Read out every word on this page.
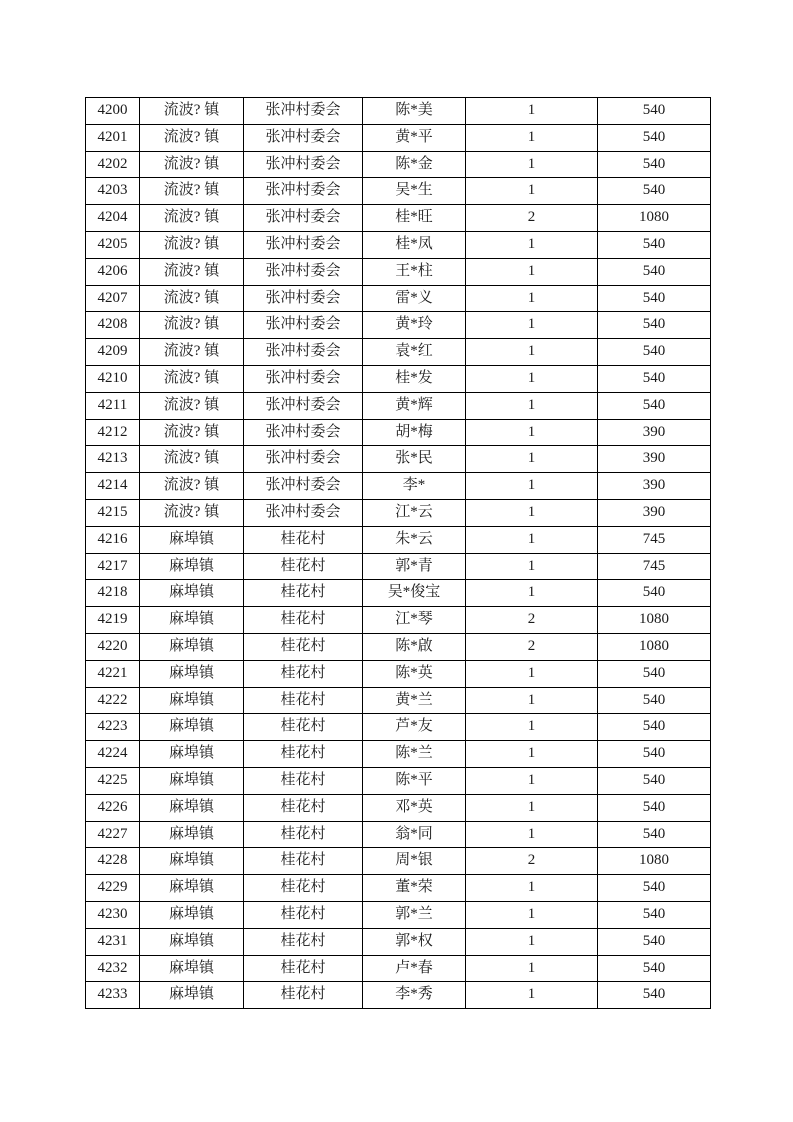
4200	流波? 镇	张冲村委会	陈*美	1	540
4201	流波? 镇	张冲村委会	黄*平	1	540
4202	流波? 镇	张冲村委会	陈*金	1	540
4203	流波? 镇	张冲村委会	吴*生	1	540
4204	流波? 镇	张冲村委会	桂*旺	2	1080
4205	流波? 镇	张冲村委会	桂*凤	1	540
4206	流波? 镇	张冲村委会	王*柱	1	540
4207	流波? 镇	张冲村委会	雷*义	1	540
4208	流波? 镇	张冲村委会	黄*玲	1	540
4209	流波? 镇	张冲村委会	袁*红	1	540
4210	流波? 镇	张冲村委会	桂*发	1	540
4211	流波? 镇	张冲村委会	黄*辉	1	540
4212	流波? 镇	张冲村委会	胡*梅	1	390
4213	流波? 镇	张冲村委会	张*民	1	390
4214	流波? 镇	张冲村委会	李*	1	390
4215	流波? 镇	张冲村委会	江*云	1	390
4216	麻埠镇	桂花村	朱*云	1	745
4217	麻埠镇	桂花村	郭*青	1	745
4218	麻埠镇	桂花村	吴*俊宝	1	540
4219	麻埠镇	桂花村	江*琴	2	1080
4220	麻埠镇	桂花村	陈*啟	2	1080
4221	麻埠镇	桂花村	陈*英	1	540
4222	麻埠镇	桂花村	黄*兰	1	540
4223	麻埠镇	桂花村	芦*友	1	540
4224	麻埠镇	桂花村	陈*兰	1	540
4225	麻埠镇	桂花村	陈*平	1	540
4226	麻埠镇	桂花村	邓*英	1	540
4227	麻埠镇	桂花村	翁*同	1	540
4228	麻埠镇	桂花村	周*银	2	1080
4229	麻埠镇	桂花村	董*荣	1	540
4230	麻埠镇	桂花村	郭*兰	1	540
4231	麻埠镇	桂花村	郭*权	1	540
4232	麻埠镇	桂花村	卢*春	1	540
4233	麻埠镇	桂花村	李*秀	1	540
